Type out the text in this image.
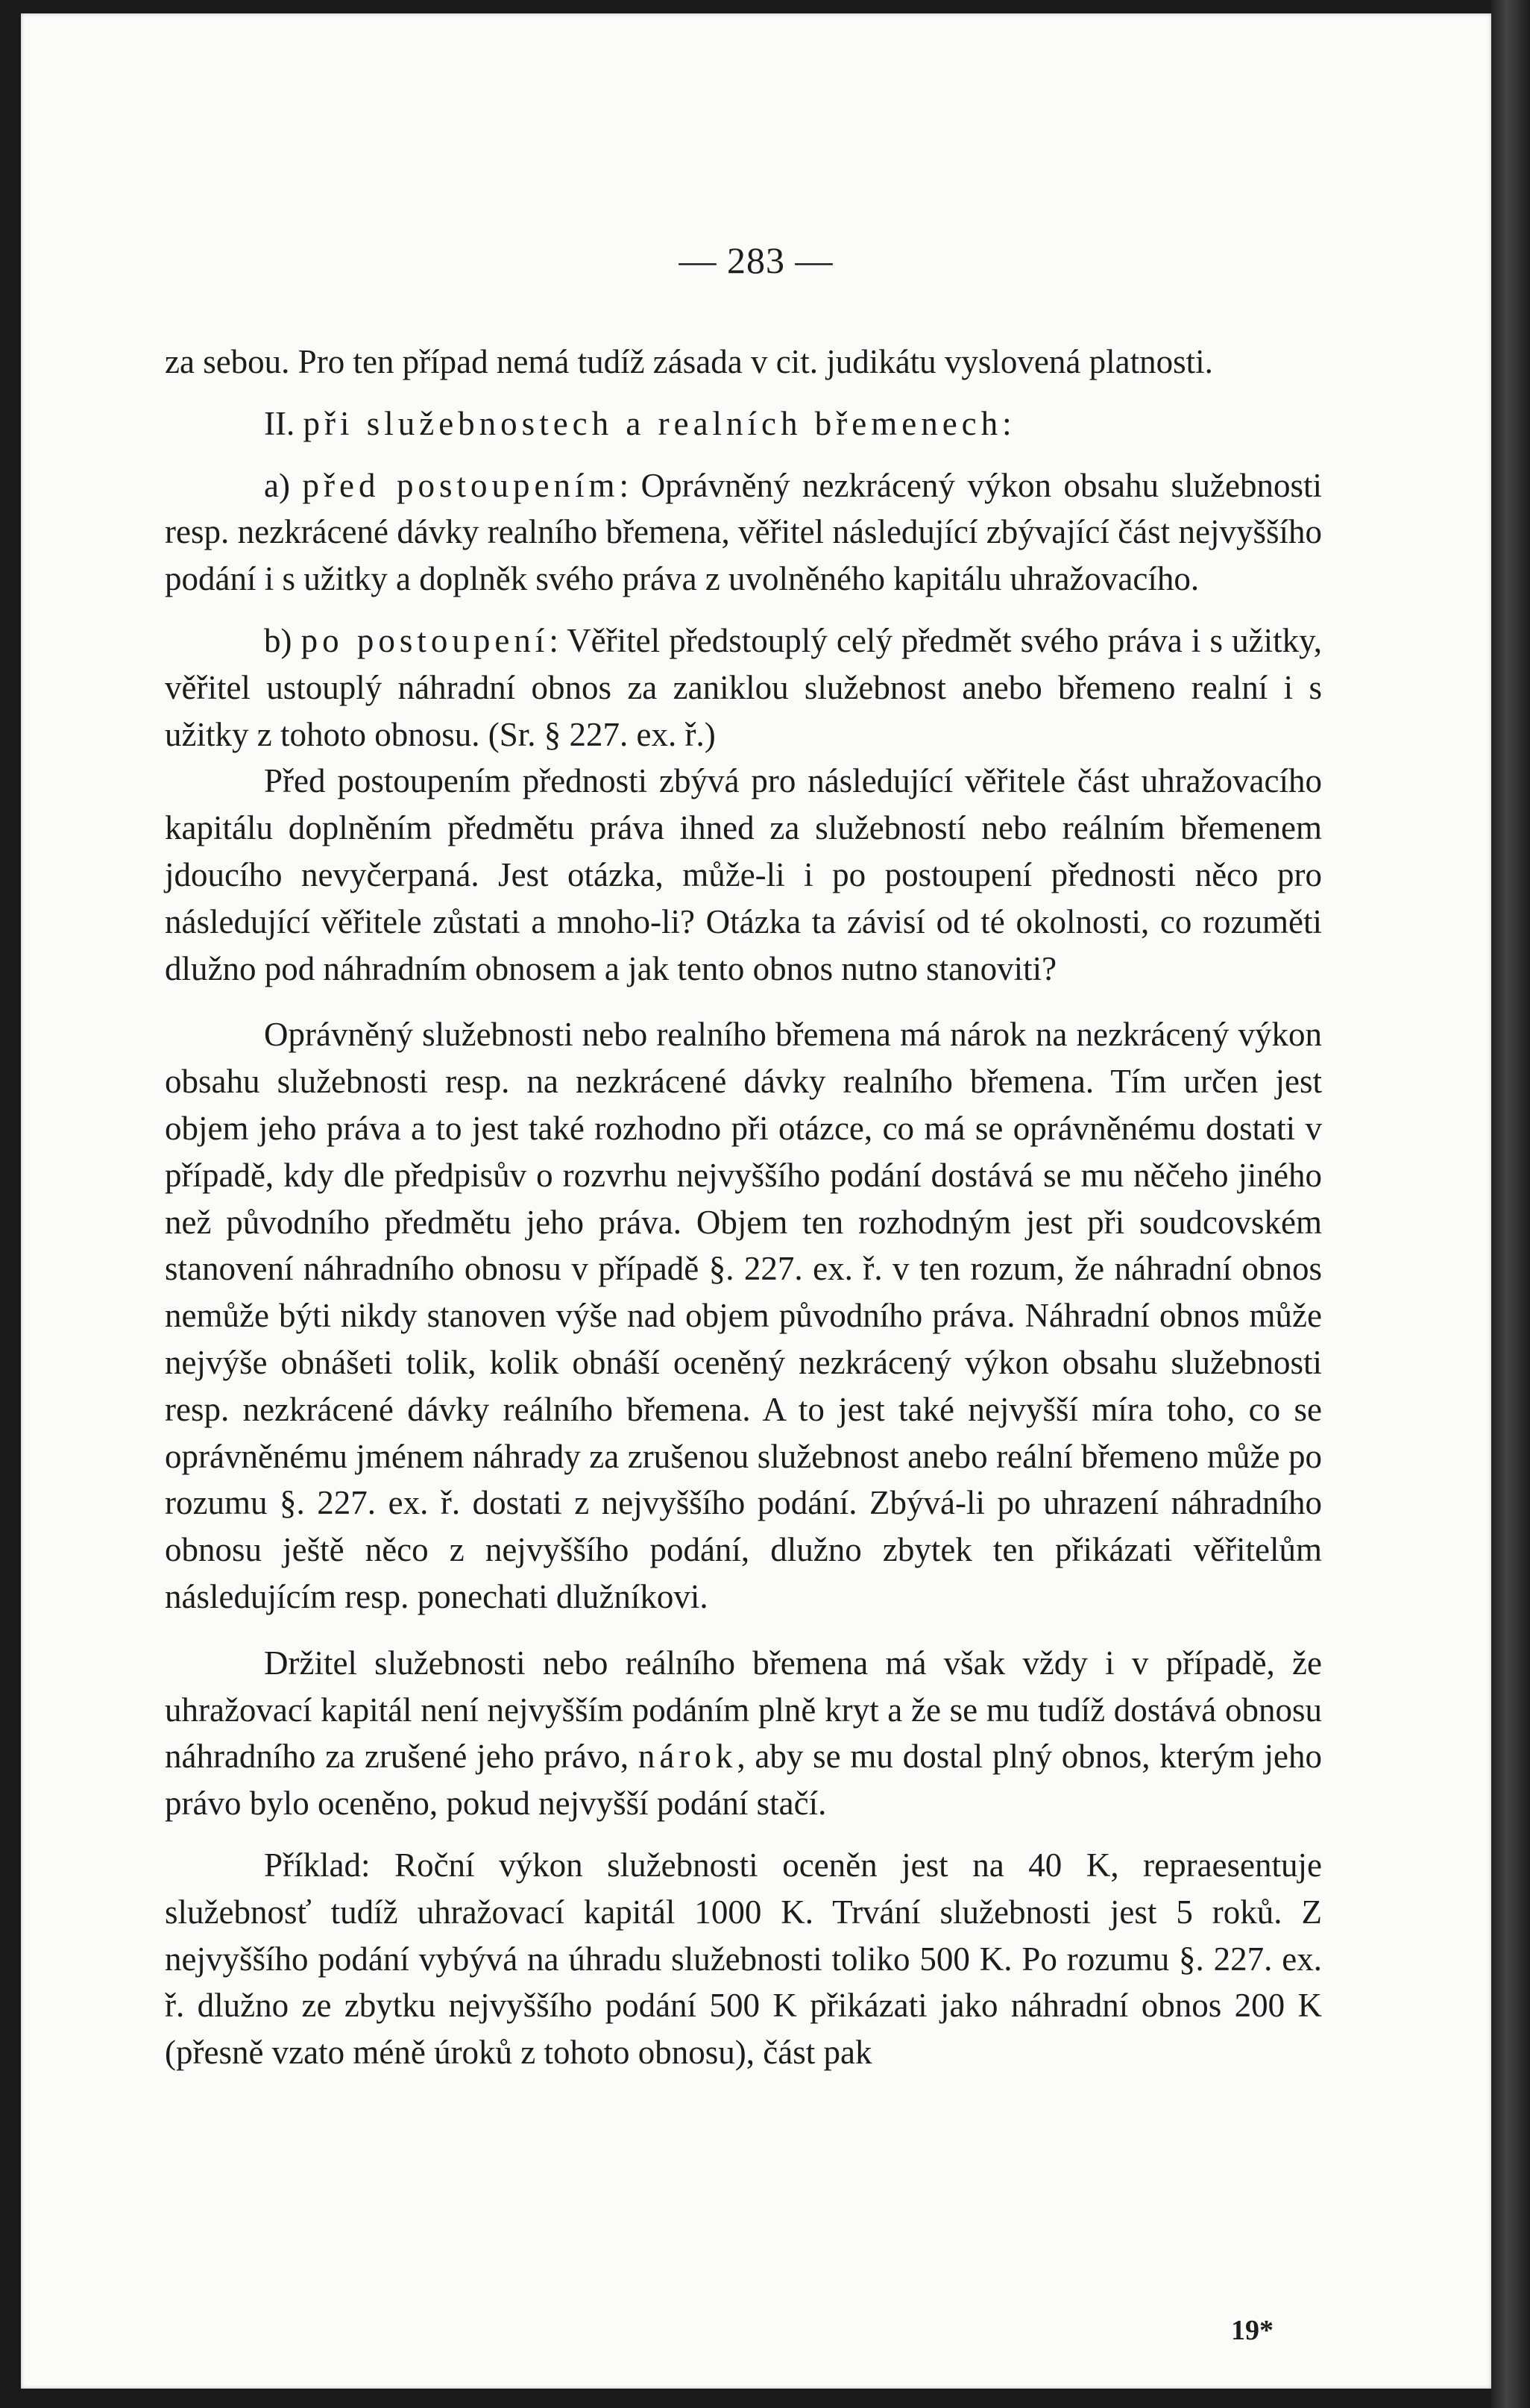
— 283 —

za sebou. Pro ten případ nemá tudíž zásada v cit. judikátu vyslovená platnosti.

II. při služebnostech a realních břemenech:

a) před postoupením: Oprávněný nezkrácený výkon obsahu služebnosti resp. nezkrácené dávky realního břemena, věřitel následující zbývající část nejvyššího podání i s užitky a doplněk svého práva z uvolněného kapitálu uhražovacího.

b) po postoupení: Věřitel předstouplý celý předmět svého práva i s užitky, věřitel ustouplý náhradní obnos za zaniklou služebnost anebo břemeno realní i s užitky z tohoto obnosu. (Sr. § 227. ex. ř.)

Před postoupením přednosti zbývá pro následující věřitele část uhražovacího kapitálu doplněním předmětu práva ihned za služebností nebo reálním břemenem jdoucího nevyčerpaná. Jest otázka, může-li i po postoupení přednosti něco pro následující věřitele zůstati a mnoho-li? Otázka ta závisí od té okolnosti, co rozuměti dlužno pod náhradním obnosem a jak tento obnos nutno stanoviti?

Oprávněný služebnosti nebo realního břemena má nárok na nezkrácený výkon obsahu služebnosti resp. na nezkrácené dávky realního břemena. Tím určen jest objem jeho práva a to jest také rozhodno při otázce, co má se oprávněnému dostati v případě, kdy dle předpisův o rozvrhu nejvyššího podání dostává se mu něčeho jiného než původního předmětu jeho práva. Objem ten rozhodným jest při soudcovském stanovení náhradního obnosu v případě §. 227. ex. ř. v ten rozum, že náhradní obnos nemůže býti nikdy stanoven výše nad objem původního práva. Náhradní obnos může nejvýše obnášeti tolik, kolik obnáší oceněný nezkrácený výkon obsahu služebnosti resp. nezkrácené dávky reálního břemena. A to jest také nejvyšší míra toho, co se oprávněnému jménem náhrady za zrušenou služebnost anebo reální břemeno může po rozumu §. 227. ex. ř. dostati z nejvyššího podání. Zbývá-li po uhrazení náhradního obnosu ještě něco z nejvyššího podání, dlužno zbytek ten přikázati věřitelům následujícím resp. ponechati dlužníkovi.

Držitel služebnosti nebo reálního břemena má však vždy i v případě, že uhražovací kapitál není nejvyšším podáním plně kryt a že se mu tudíž dostává obnosu náhradního za zrušené jeho právo, nárok, aby se mu dostal plný obnos, kterým jeho právo bylo oceněno, pokud nejvyšší podání stačí.

Příklad: Roční výkon služebnosti oceněn jest na 40 K, repraesentuje služebnosť tudíž uhražovací kapitál 1000 K. Trvání služebnosti jest 5 roků. Z nejvyššího podání vybývá na úhradu služebnosti toliko 500 K. Po rozumu §. 227. ex. ř. dlužno ze zbytku nejvyššího podání 500 K přikázati jako náhradní obnos 200 K (přesně vzato méně úroků z tohoto obnosu), část pak

19*
